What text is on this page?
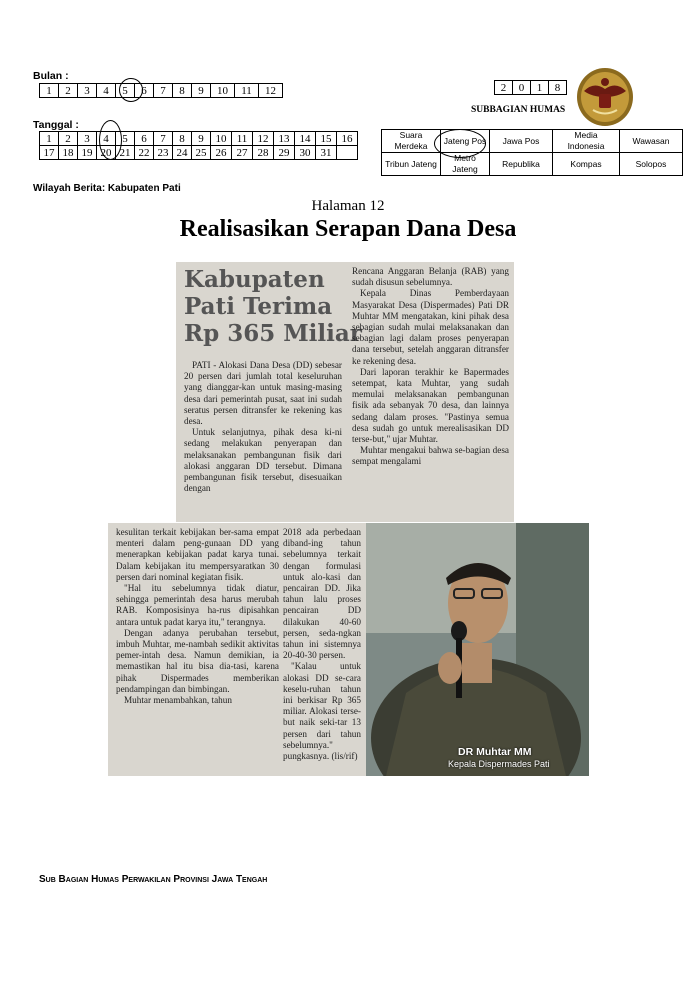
Bulan :
1	2	3	4	5	6	7	8	9	10	11	12	2	0	1	8
SUBBAGIAN HUMAS
Tanggal :
1	2	3	4	5	6	7	8	9	10	11	12	13	14	15	16
17	18	19	20	21	22	23	24	25	26	27	28	29	30	31	
Suara Merdeka	Jateng Pos	Jawa Pos	Media Indonesia	Wawasan
Tribun Jateng	Metro Jateng	Republika	Kompas	Solopos
Wilayah Berita: Kabupaten Pati
Halaman 12
Realisasikan Serapan Dana Desa
Kabupaten
Pati Terima
Rp 365 Miliar

PATI - Alokasi Dana Desa (DD) sebesar 20 persen dari jumlah total keseluruhan yang dianggar-kan untuk masing-masing desa dari pemerintah pusat, saat ini sudah seratus persen ditransfer ke rekening kas desa.

Untuk selanjutnya, pihak desa ki-ni sedang melakukan penyerapan dan melaksanakan pembangunan fisik dari alokasi anggaran DD tersebut. Dimana pembangunan fisik tersebut, disesuaikan dengan

Rencana Anggaran Belanja (RAB) yang sudah disusun sebelumnya.

Kepala Dinas Pemberdayaan Masyarakat Desa (Dispermades) Pati DR Muhtar MM mengatakan, kini pihak desa sebagian sudah mulai melaksanakan dan sebagian lagi dalam proses penyerapan dana tersebut, setelah anggaran ditransfer ke rekening desa.

Dari laporan terakhir ke Bapermades setempat, kata Muhtar, yang sudah memulai melaksanakan pembangunan fisik ada sebanyak 70 desa, dan lainnya sedang dalam proses. "Pastinya semua desa sudah go untuk merealisasikan DD terse-but," ujar Muhtar.

Muhtar mengakui bahwa se-bagian desa sempat mengalami

kesulitan terkait kebijakan ber-sama empat menteri dalam peng-gunaan DD yang menerapkan kebijakan padat karya tunai. Dalam kebijakan itu mempersyaratkan 30 persen dari nominal kegiatan fisik.

"Hal itu sebelumnya tidak diatur, sehingga pemerintah desa harus merubah RAB. Komposisinya ha-rus dipisahkan antara untuk padat karya itu," terangnya.

Dengan adanya perubahan tersebut, imbuh Muhtar, me-nambah sedikit aktivitas pemer-intah desa. Namun demikian, ia memastikan hal itu bisa dia-tasi, karena pihak Dispermades memberikan pendampingan dan bimbingan.

Muhtar menambahkan, tahun

2018 ada perbedaan diband-ing tahun sebelumnya terkait dengan formulasi untuk alo-kasi dan pencairan DD. Jika tahun lalu proses pencairan DD dilakukan 40-60 persen, seda-ngkan tahun ini sistemnya 20-40-30 persen.

"Kalau untuk alokasi DD se-cara keselu-ruhan tahun ini berkisar Rp 365 miliar. Alokasi terse-but naik seki-tar 13 persen dari tahun sebelumnya." pungkasnya. (lis/rif)	DR Muhtar MM
Kepala Dispermades Pati
Sub Bagian Humas Perwakilan Provinsi Jawa Tengah
